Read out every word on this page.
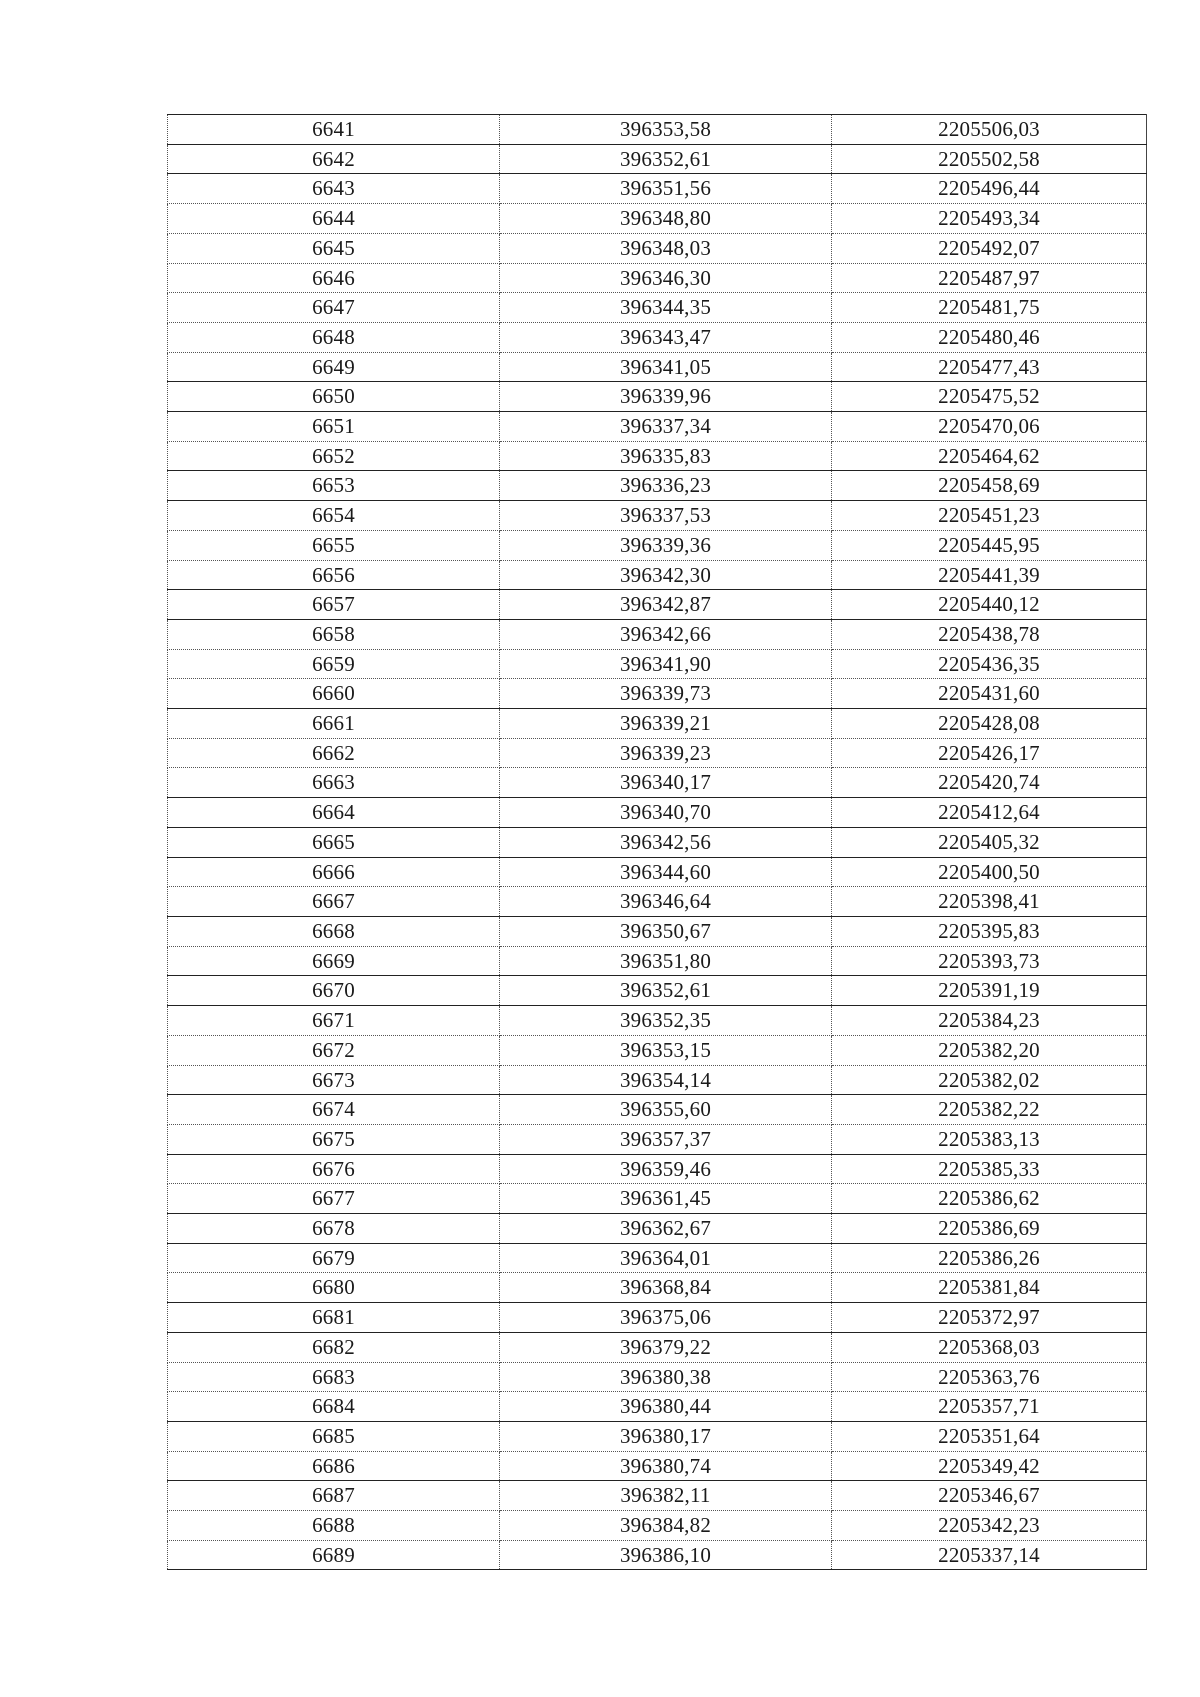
6641	396353,58	2205506,03
6642	396352,61	2205502,58
6643	396351,56	2205496,44
6644	396348,80	2205493,34
6645	396348,03	2205492,07
6646	396346,30	2205487,97
6647	396344,35	2205481,75
6648	396343,47	2205480,46
6649	396341,05	2205477,43
6650	396339,96	2205475,52
6651	396337,34	2205470,06
6652	396335,83	2205464,62
6653	396336,23	2205458,69
6654	396337,53	2205451,23
6655	396339,36	2205445,95
6656	396342,30	2205441,39
6657	396342,87	2205440,12
6658	396342,66	2205438,78
6659	396341,90	2205436,35
6660	396339,73	2205431,60
6661	396339,21	2205428,08
6662	396339,23	2205426,17
6663	396340,17	2205420,74
6664	396340,70	2205412,64
6665	396342,56	2205405,32
6666	396344,60	2205400,50
6667	396346,64	2205398,41
6668	396350,67	2205395,83
6669	396351,80	2205393,73
6670	396352,61	2205391,19
6671	396352,35	2205384,23
6672	396353,15	2205382,20
6673	396354,14	2205382,02
6674	396355,60	2205382,22
6675	396357,37	2205383,13
6676	396359,46	2205385,33
6677	396361,45	2205386,62
6678	396362,67	2205386,69
6679	396364,01	2205386,26
6680	396368,84	2205381,84
6681	396375,06	2205372,97
6682	396379,22	2205368,03
6683	396380,38	2205363,76
6684	396380,44	2205357,71
6685	396380,17	2205351,64
6686	396380,74	2205349,42
6687	396382,11	2205346,67
6688	396384,82	2205342,23
6689	396386,10	2205337,14
